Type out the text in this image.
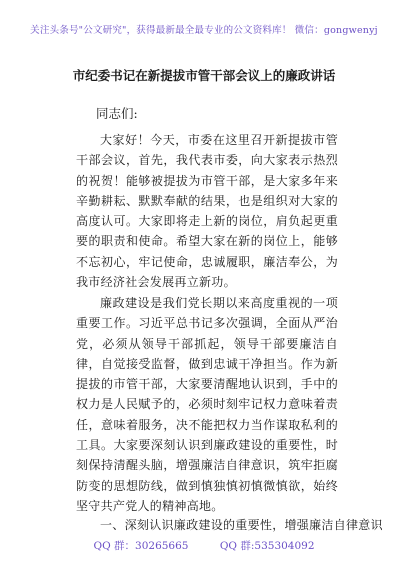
关注头条号"公文研究"，获得最新最全最专业的公文资料库！ 微信：gongwenyj
市纪委书记在新提拔市管干部会议上的廉政讲话
同志们:

大家好！今天，市委在这里召开新提拔市管干部会议，首先，我代表市委，向大家表示热烈的祝贺！能够被提拔为市管干部，是大家多年来辛勤耕耘、默默奉献的结果，也是组织对大家的高度认可。大家即将走上新的岗位，肩负起更重要的职责和使命。希望大家在新的岗位上，能够不忘初心，牢记使命，忠诚履职，廉洁奉公，为我市经济社会发展再立新功。

廉政建设是我们党长期以来高度重视的一项重要工作。习近平总书记多次强调，全面从严治党，必须从领导干部抓起，领导干部要廉洁自律，自觉接受监督，做到忠诚干净担当。作为新提拔的市管干部，大家要清醒地认识到，手中的权力是人民赋予的，必须时刻牢记权力意味着责任，意味着服务，决不能把权力当作谋取私利的工具。大家要深刻认识到廉政建设的重要性，时刻保持清醒头脑，增强廉洁自律意识，筑牢拒腐防变的思想防线，做到慎独慎初慎微慎欲，始终坚守共产党人的精神高地。

一、深刻认识廉政建设的重要性，增强廉洁自律意识

QQ 群：30265665	QQ 群:535304092
